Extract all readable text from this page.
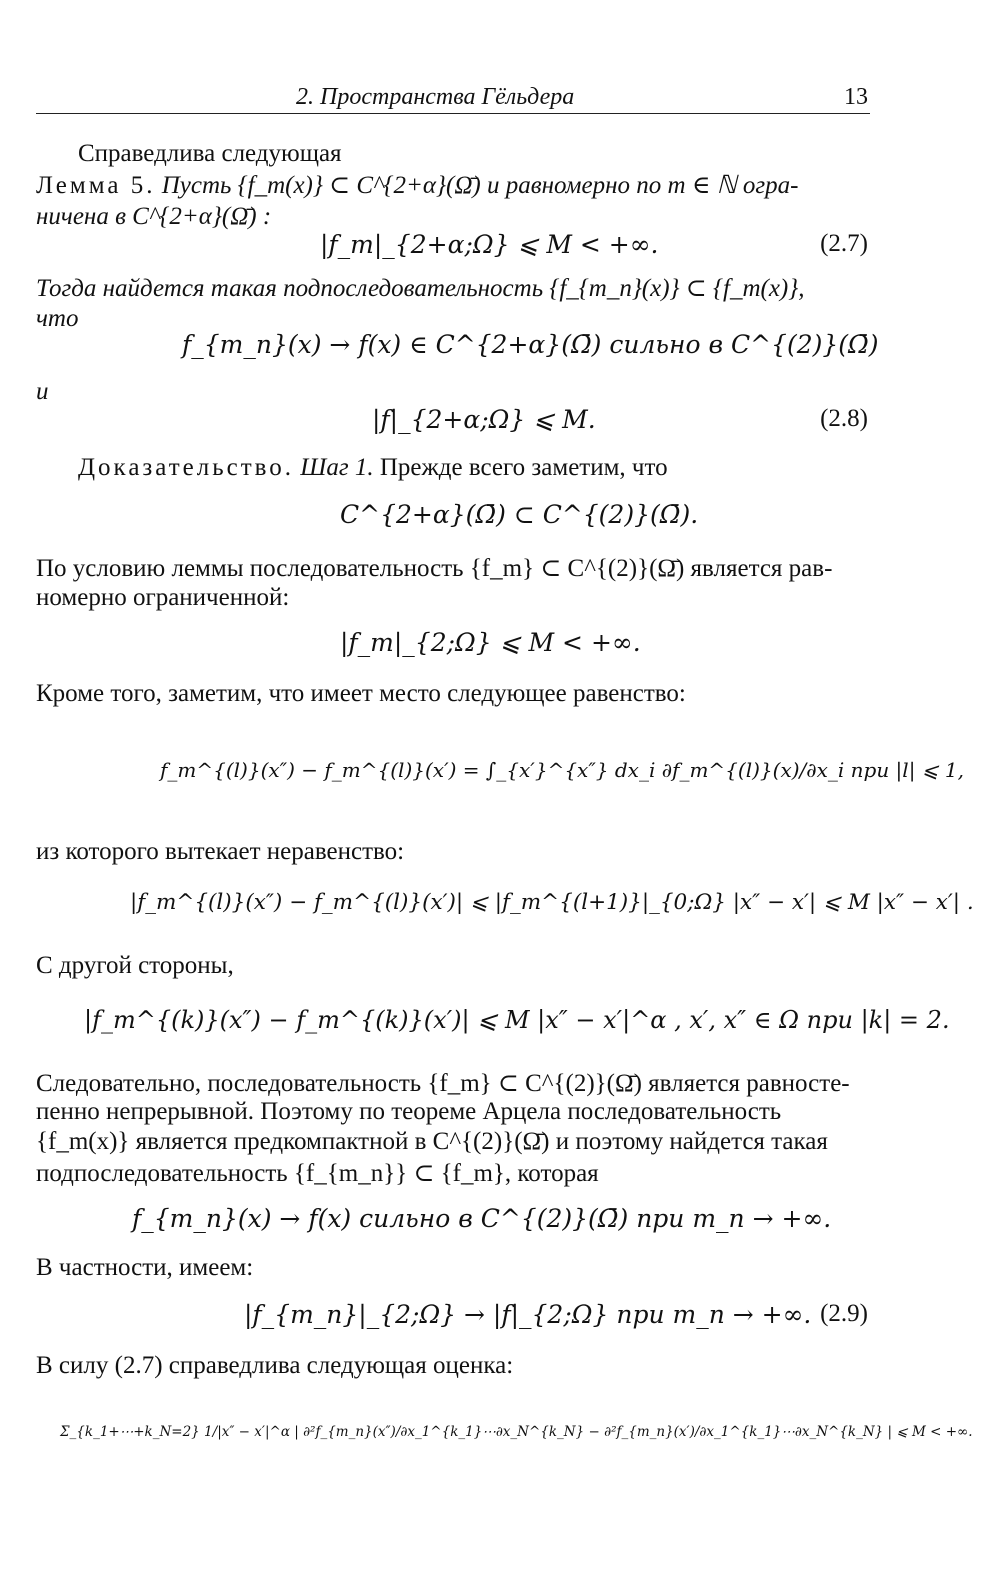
2. Пространства Гёльдера	13
Справедлива следующая
Лемма 5. Пусть {f_m(x)} ⊂ C^{2+α}(Ω̄) и равномерно по m ∈ ℕ огра-
ничена в C^{2+α}(Ω̄) :
|f_m|_{2+α;Ω} ⩽ M < +∞.	(2.7)
Тогда найдется такая подпоследовательность {f_{m_n}(x)} ⊂ {f_m(x)},
что
f_{m_n}(x) → f(x) ∈ C^{2+α}(Ω̄) сильно в C^{(2)}(Ω̄)
и
|f|_{2+α;Ω} ⩽ M.	(2.8)
Доказательство. Шаг 1. Прежде всего заметим, что
C^{2+α}(Ω̄) ⊂ C^{(2)}(Ω̄).
По условию леммы последовательность {f_m} ⊂ C^{(2)}(Ω̄) является рав-
номерно ограниченной:
|f_m|_{2;Ω} ⩽ M < +∞.
Кроме того, заметим, что имеет место следующее равенство:
f_m^{(l)}(x″) − f_m^{(l)}(x′) = ∫_{x′}^{x″} dx_i ∂f_m^{(l)}(x)/∂x_i при |l| ⩽ 1,
из которого вытекает неравенство:
|f_m^{(l)}(x″) − f_m^{(l)}(x′)| ⩽ |f_m^{(l+1)}|_{0;Ω} |x″ − x′| ⩽ M |x″ − x′| .
С другой стороны,
|f_m^{(k)}(x″) − f_m^{(k)}(x′)| ⩽ M |x″ − x′|^α , x′, x″ ∈ Ω при |k| = 2.
Следовательно, последовательность {f_m} ⊂ C^{(2)}(Ω̄) является равносте-
пенно непрерывной. Поэтому по теореме Арцела последовательность
{f_m(x)} является предкомпактной в C^{(2)}(Ω̄) и поэтому найдется такая
подпоследовательность {f_{m_n}} ⊂ {f_m}, которая
f_{m_n}(x) → f(x) сильно в C^{(2)}(Ω̄) при m_n → +∞.
В частности, имеем:
|f_{m_n}|_{2;Ω} → |f|_{2;Ω} при m_n → +∞. (2.9)
В силу (2.7) справедлива следующая оценка:
Σ_{k_1+⋯+k_N=2} 1/|x″ − x′|^α | ∂²f_{m_n}(x″)/∂x_1^{k_1}⋯∂x_N^{k_N} − ∂²f_{m_n}(x′)/∂x_1^{k_1}⋯∂x_N^{k_N} | ⩽ M < +∞.
